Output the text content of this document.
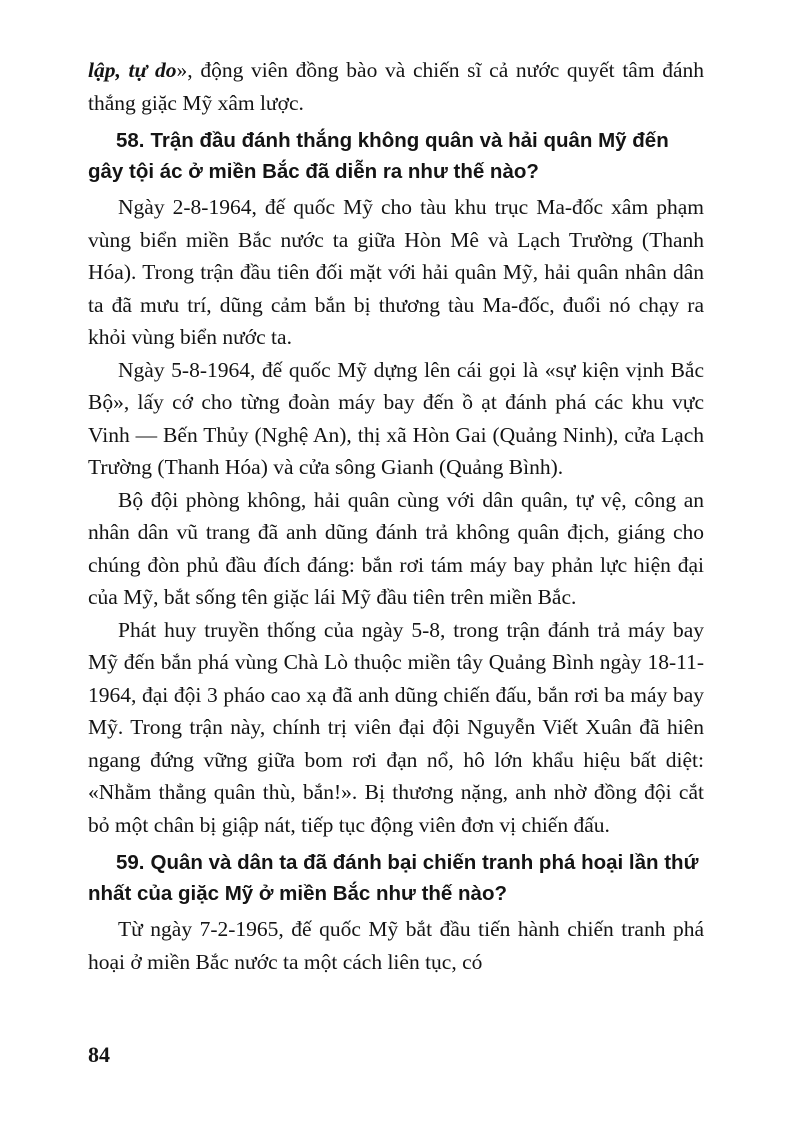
lập, tự do», động viên đồng bào và chiến sĩ cả nước quyết tâm đánh thắng giặc Mỹ xâm lược.

58. Trận đầu đánh thắng không quân và hải quân Mỹ đến gây tội ác ở miền Bắc đã diễn ra như thế nào?

Ngày 2-8-1964, đế quốc Mỹ cho tàu khu trục Ma-đốc xâm phạm vùng biển miền Bắc nước ta giữa Hòn Mê và Lạch Trường (Thanh Hóa). Trong trận đầu tiên đối mặt với hải quân Mỹ, hải quân nhân dân ta đã mưu trí, dũng cảm bắn bị thương tàu Ma-đốc, đuổi nó chạy ra khỏi vùng biển nước ta.

Ngày 5-8-1964, đế quốc Mỹ dựng lên cái gọi là «sự kiện vịnh Bắc Bộ», lấy cớ cho từng đoàn máy bay đến ồ ạt đánh phá các khu vực Vinh — Bến Thủy (Nghệ An), thị xã Hòn Gai (Quảng Ninh), cửa Lạch Trường (Thanh Hóa) và cửa sông Gianh (Quảng Bình).

Bộ đội phòng không, hải quân cùng với dân quân, tự vệ, công an nhân dân vũ trang đã anh dũng đánh trả không quân địch, giáng cho chúng đòn phủ đầu đích đáng: bắn rơi tám máy bay phản lực hiện đại của Mỹ, bắt sống tên giặc lái Mỹ đầu tiên trên miền Bắc.

Phát huy truyền thống của ngày 5-8, trong trận đánh trả máy bay Mỹ đến bắn phá vùng Chà Lò thuộc miền tây Quảng Bình ngày 18-11-1964, đại đội 3 pháo cao xạ đã anh dũng chiến đấu, bắn rơi ba máy bay Mỹ. Trong trận này, chính trị viên đại đội Nguyễn Viết Xuân đã hiên ngang đứng vững giữa bom rơi đạn nổ, hô lớn khẩu hiệu bất diệt: «Nhằm thẳng quân thù, bắn!». Bị thương nặng, anh nhờ đồng đội cắt bỏ một chân bị giập nát, tiếp tục động viên đơn vị chiến đấu.

59. Quân và dân ta đã đánh bại chiến tranh phá hoại lần thứ nhất của giặc Mỹ ở miền Bắc như thế nào?

Từ ngày 7-2-1965, đế quốc Mỹ bắt đầu tiến hành chiến tranh phá hoại ở miền Bắc nước ta một cách liên tục, có

84
